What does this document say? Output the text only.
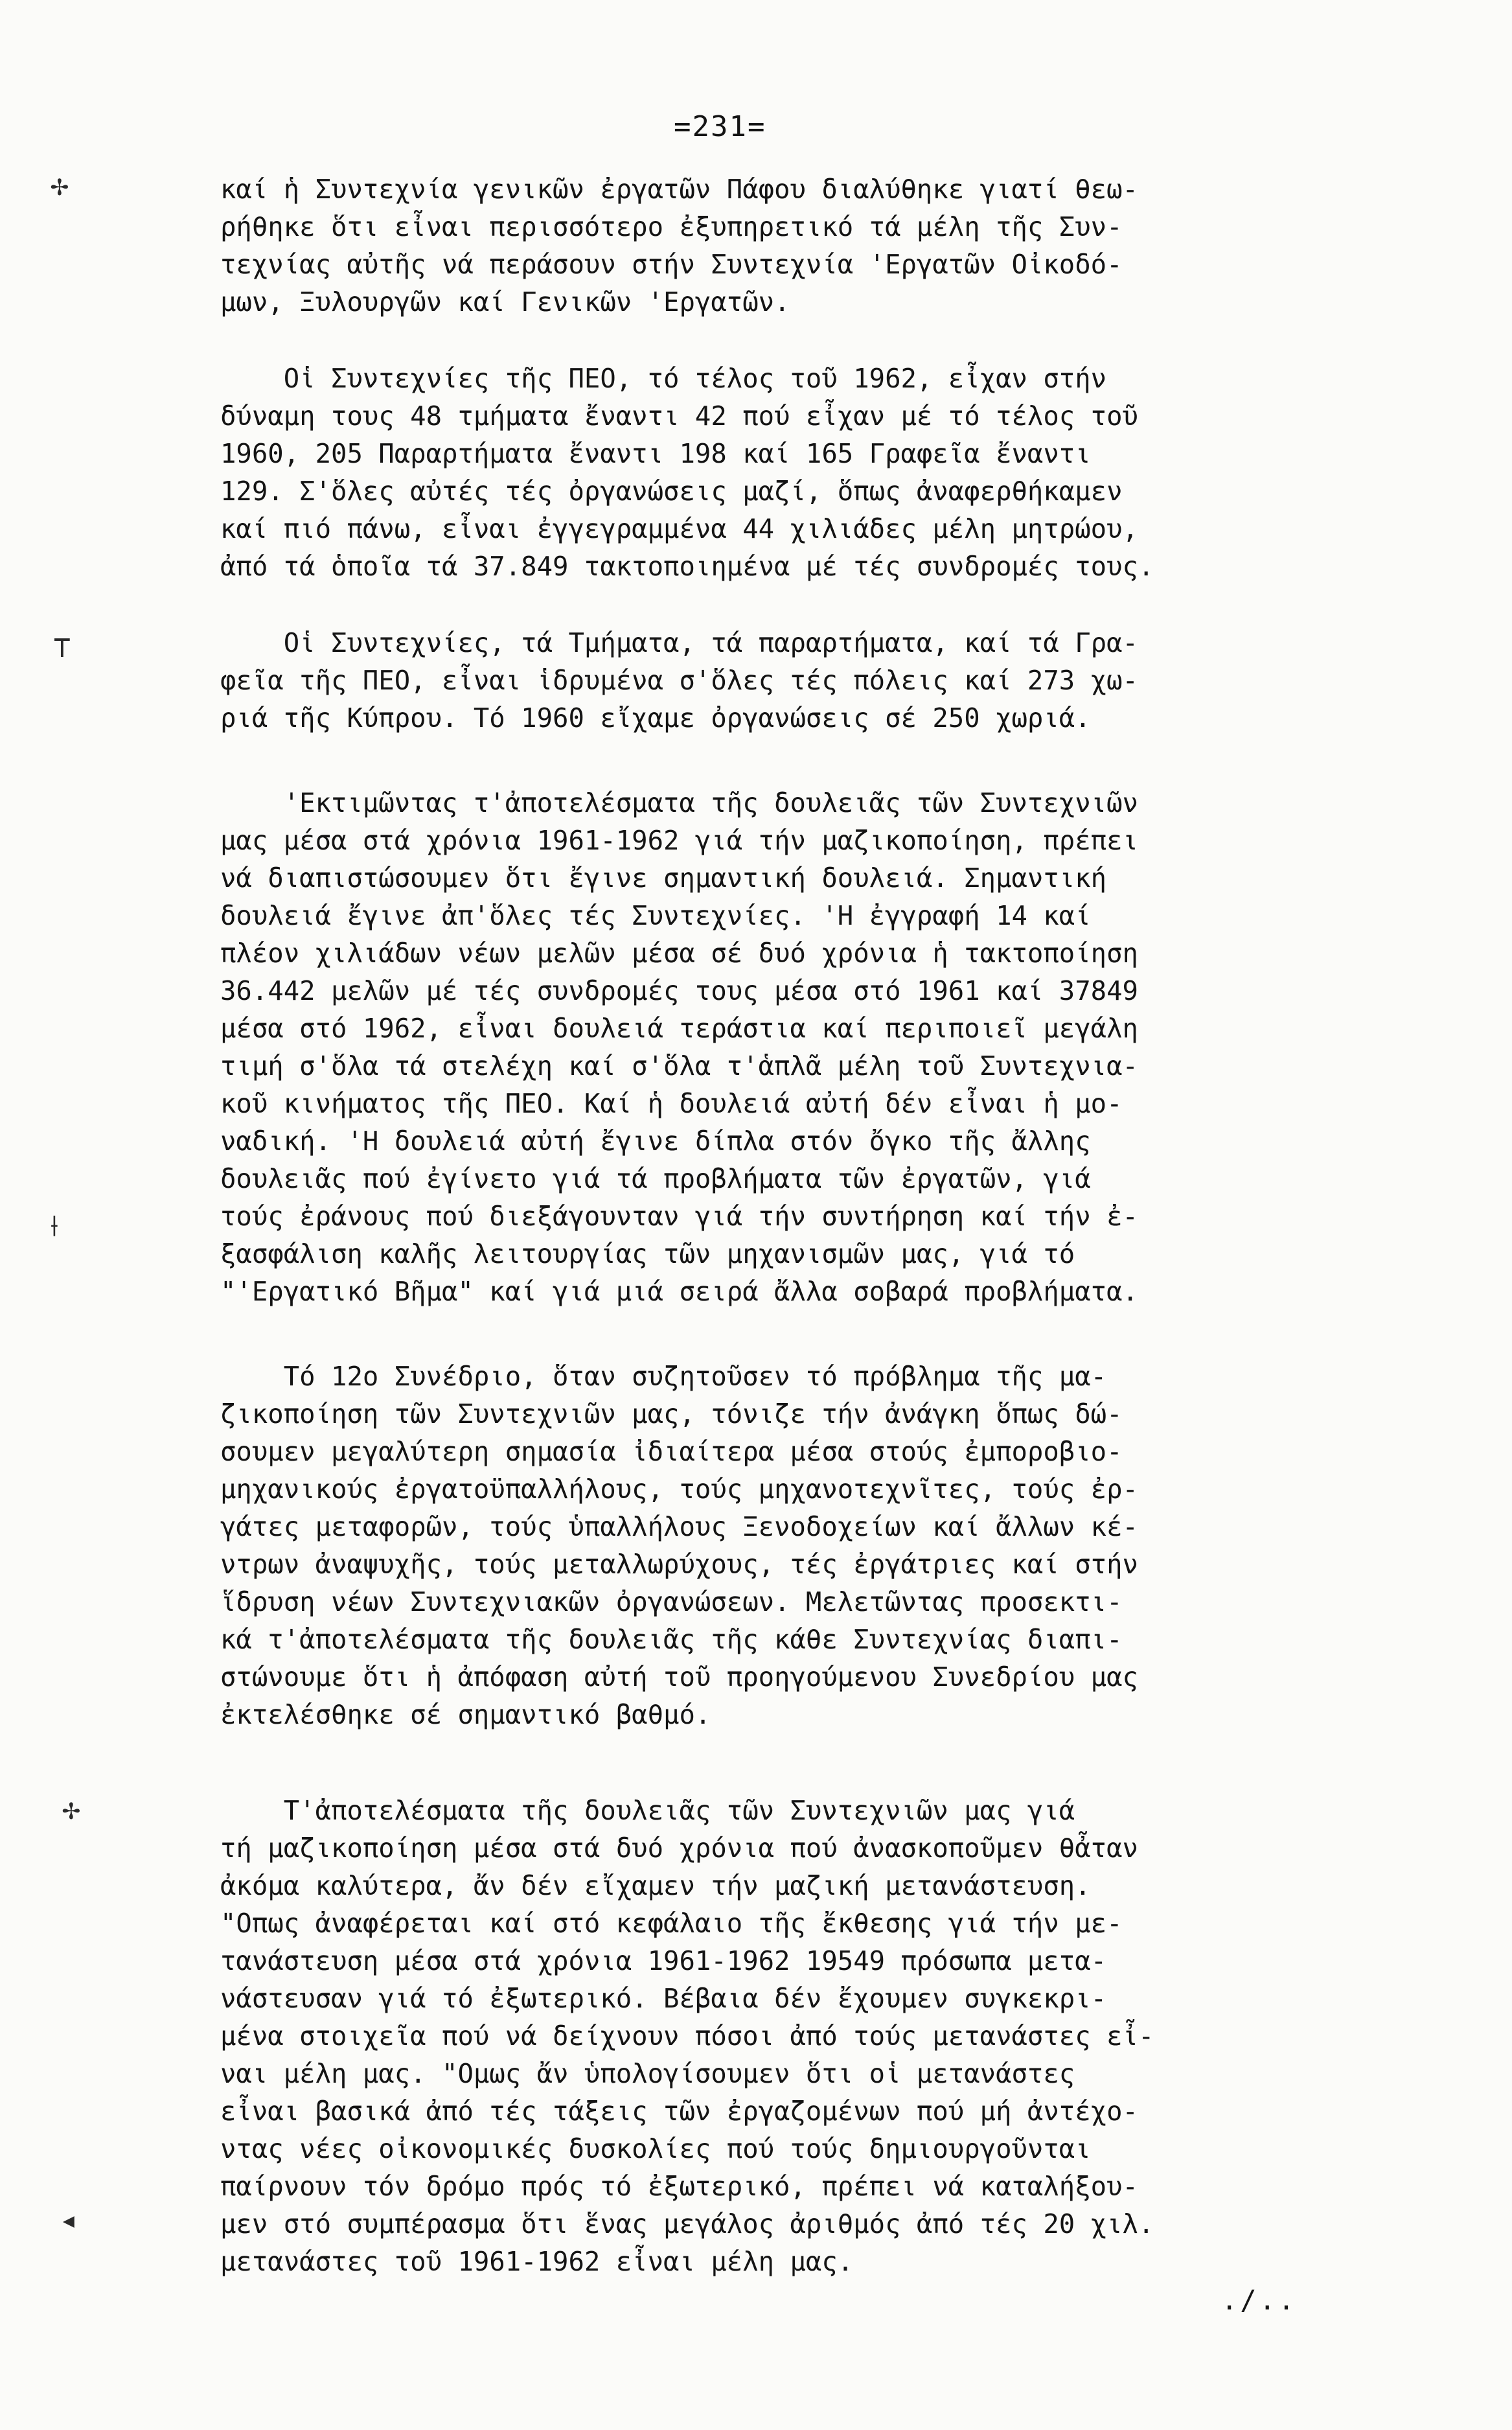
=231=
✢
⊤
⟊
✢
◂
καί ἡ Συντεχνία γενικῶν ἐργατῶν Πάφου διαλύθηκε γιατί θεω-
ρήθηκε ὅτι εἶναι περισσότερο ἐξυπηρετικό τά μέλη τῆς Συν-
τεχνίας αὐτῆς νά περάσουν στήν Συντεχνία 'Εργατῶν Οἰκοδό-
μων, Ξυλουργῶν καί Γενικῶν 'Εργατῶν.
Οἱ Συντεχνίες τῆς ΠΕΟ, τό τέλος τοῦ 1962, εἶχαν στήν
δύναμη τους 48 τμήματα ἔναντι 42 πού εἶχαν μέ τό τέλος τοῦ
1960, 205 Παραρτήματα ἔναντι 198 καί 165 Γραφεῖα ἔναντι
129. Σ'ὅλες αὐτές τές ὀργανώσεις μαζί, ὅπως ἀναφερθήκαμεν
καί πιό πάνω, εἶναι ἐγγεγραμμένα 44 χιλιάδες μέλη μητρώου,
ἀπό τά ὁποῖα τά 37.849 τακτοποιημένα μέ τές συνδρομές τους.
Οἱ Συντεχνίες, τά Τμήματα, τά παραρτήματα, καί τά Γρα-
φεῖα τῆς ΠΕΟ, εἶναι ἱδρυμένα σ'ὅλες τές πόλεις καί 273 χω-
ριά τῆς Κύπρου. Τό 1960 εἴχαμε ὀργανώσεις σέ 250 χωριά.
'Εκτιμῶντας τ'ἀποτελέσματα τῆς δουλειᾶς τῶν Συντεχνιῶν
μας μέσα στά χρόνια 1961-1962 γιά τήν μαζικοποίηση, πρέπει
νά διαπιστώσουμεν ὅτι ἔγινε σημαντική δουλειά. Σημαντική
δουλειά ἔγινε ἀπ'ὅλες τές Συντεχνίες. 'Η ἐγγραφή 14 καί
πλέον χιλιάδων νέων μελῶν μέσα σέ δυό χρόνια ἡ τακτοποίηση
36.442 μελῶν μέ τές συνδρομές τους μέσα στό 1961 καί 37849
μέσα στό 1962, εἶναι δουλειά τεράστια καί περιποιεῖ μεγάλη
τιμή σ'ὅλα τά στελέχη καί σ'ὅλα τ'ἁπλᾶ μέλη τοῦ Συντεχνια-
κοῦ κινήματος τῆς ΠΕΟ. Καί ἡ δουλειά αὐτή δέν εἶναι ἡ μο-
ναδική. 'Η δουλειά αὐτή ἔγινε δίπλα στόν ὄγκο τῆς ἄλλης
δουλειᾶς πού ἐγίνετο γιά τά προβλήματα τῶν ἐργατῶν, γιά
τούς ἐράνους πού διεξάγουνταν γιά τήν συντήρηση καί τήν ἐ-
ξασφάλιση καλῆς λειτουργίας τῶν μηχανισμῶν μας, γιά τό
"'Εργατικό Βῆμα" καί γιά μιά σειρά ἄλλα σοβαρά προβλήματα.
Τό 12ο Συνέδριο, ὅταν συζητοῦσεν τό πρόβλημα τῆς μα-
ζικοποίηση τῶν Συντεχνιῶν μας, τόνιζε τήν ἀνάγκη ὅπως δώ-
σουμεν μεγαλύτερη σημασία ἰδιαίτερα μέσα στούς ἐμποροβιο-
μηχανικούς ἐργατοϋπαλλήλους, τούς μηχανοτεχνῖτες, τούς ἐρ-
γάτες μεταφορῶν, τούς ὑπαλλήλους Ξενοδοχείων καί ἄλλων κέ-
ντρων ἀναψυχῆς, τούς μεταλλωρύχους, τές ἐργάτριες καί στήν
ἵδρυση νέων Συντεχνιακῶν ὀργανώσεων. Μελετῶντας προσεκτι-
κά τ'ἀποτελέσματα τῆς δουλειᾶς τῆς κάθε Συντεχνίας διαπι-
στώνουμε ὅτι ἡ ἀπόφαση αὐτή τοῦ προηγούμενου Συνεδρίου μας
ἐκτελέσθηκε σέ σημαντικό βαθμό.
Τ'ἀποτελέσματα τῆς δουλειᾶς τῶν Συντεχνιῶν μας γιά
τή μαζικοποίηση μέσα στά δυό χρόνια πού ἀνασκοποῦμεν θἆταν
ἀκόμα καλύτερα, ἄν δέν εἴχαμεν τήν μαζική μετανάστευση.
"Οπως ἀναφέρεται καί στό κεφάλαιο τῆς ἔκθεσης γιά τήν με-
τανάστευση μέσα στά χρόνια 1961-1962 19549 πρόσωπα μετα-
νάστευσαν γιά τό ἐξωτερικό. Βέβαια δέν ἔχουμεν συγκεκρι-
μένα στοιχεῖα πού νά δείχνουν πόσοι ἀπό τούς μετανάστες εἶ-
ναι μέλη μας. "Ομως ἄν ὑπολογίσουμεν ὅτι οἱ μετανάστες
εἶναι βασικά ἀπό τές τάξεις τῶν ἐργαζομένων πού μή ἀντέχο-
ντας νέες οἰκονομικές δυσκολίες πού τούς δημιουργοῦνται
παίρνουν τόν δρόμο πρός τό ἐξωτερικό, πρέπει νά καταλήξου-
μεν στό συμπέρασμα ὅτι ἕνας μεγάλος ἀριθμός ἀπό τές 20 χιλ.
μετανάστες τοῦ 1961-1962 εἶναι μέλη μας.
./..
